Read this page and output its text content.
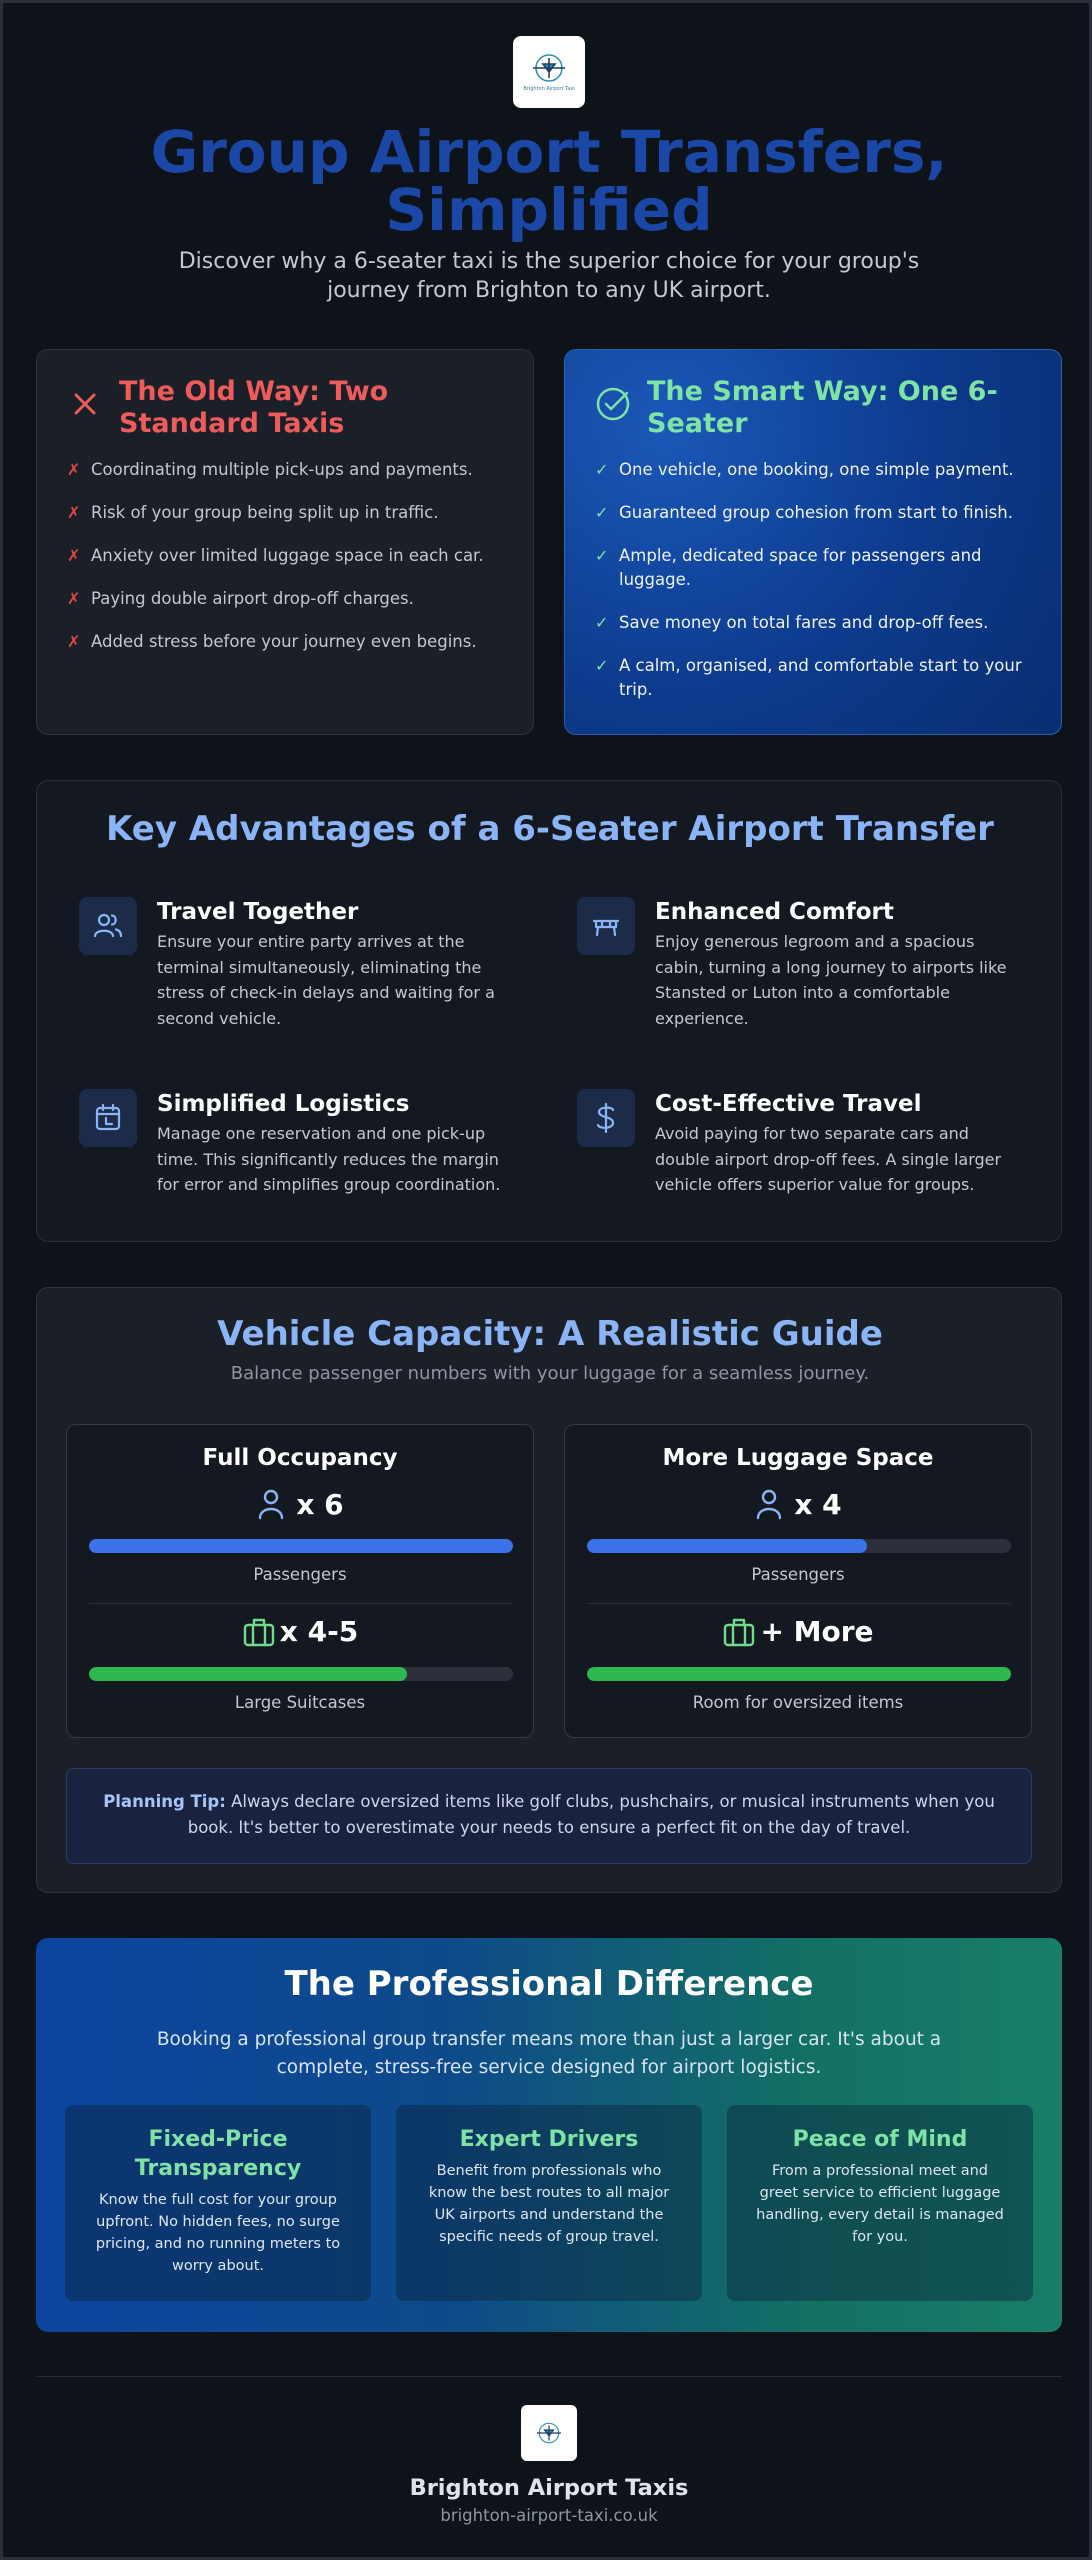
Brighton Airport Taxi
Group Airport Transfers, Simplified

Discover why a 6-seater taxi is the superior choice for your group's journey from Brighton to any UK airport.

The Old Way: Two Standard Taxis
✗ Coordinating multiple pick-ups and payments.
✗ Risk of your group being split up in traffic.
✗ Anxiety over limited luggage space in each car.
✗ Paying double airport drop-off charges.
✗ Added stress before your journey even begins.
The Smart Way: One 6-Seater
✓ One vehicle, one booking, one simple payment.
✓ Guaranteed group cohesion from start to finish.
✓ Ample, dedicated space for passengers and luggage.
✓ Save money on total fares and drop-off fees.
✓ A calm, organised, and comfortable start to your trip.
Key Advantages of a 6-Seater Airport Transfer
Travel Together

Ensure your entire party arrives at the terminal simultaneously, eliminating the stress of check-in delays and waiting for a second vehicle.

Enhanced Comfort

Enjoy generous legroom and a spacious cabin, turning a long journey to airports like Stansted or Luton into a comfortable experience.

Simplified Logistics

Manage one reservation and one pick-up time. This significantly reduces the margin for error and simplifies group coordination.

Cost-Effective Travel

Avoid paying for two separate cars and double airport drop-off fees. A single larger vehicle offers superior value for groups.

Vehicle Capacity: A Realistic Guide

Balance passenger numbers with your luggage for a seamless journey.

Full Occupancy
x 6
Passengers
x 4-5
Large Suitcases
More Luggage Space
x 4
Passengers
+ More
Room for oversized items
Planning Tip: Always declare oversized items like golf clubs, pushchairs, or musical instruments when you book. It's better to overestimate your needs to ensure a perfect fit on the day of travel.
The Professional Difference

Booking a professional group transfer means more than just a larger car. It's about a complete, stress-free service designed for airport logistics.

Fixed-Price Transparency

Know the full cost for your group upfront. No hidden fees, no surge pricing, and no running meters to worry about.

Expert Drivers

Benefit from professionals who know the best routes to all major UK airports and understand the specific needs of group travel.

Peace of Mind

From a professional meet and greet service to efficient luggage handling, every detail is managed for you.

Brighton Airport Taxis
brighton-airport-taxi.co.uk
